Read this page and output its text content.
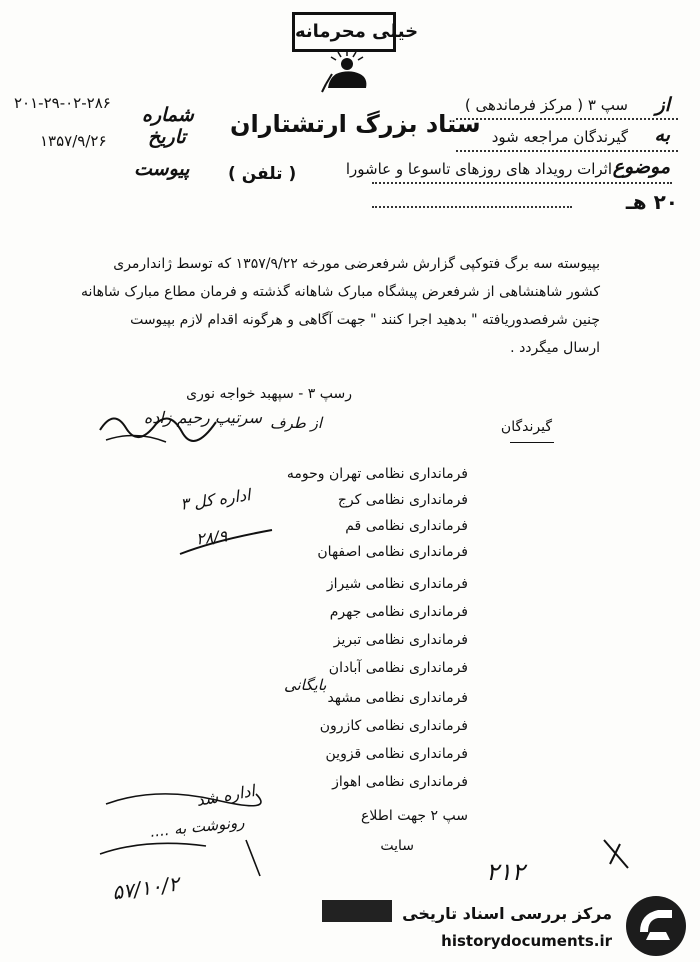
خیلی محرمانه
ستاد بزرگ ارتشتاران
۲۰۱-۲۹-۰۲-۲۸۶
شماره
۱۳۵۷/۹/۲۶ تاریخ
پیوست ( تلفن )
از
سپ ۳ ( مرکز فرماندهی )
به
گیرندگان مراجعه شود
موضوع
اثرات رویداد های روزهای تاسوعا و عاشورا
۲۰ هـ
بپیوسته سه برگ فتوکپی گزارش شرفعرضی مورخه ۱۳۵۷/۹/۲۲ که توسط ژاندارمری
کشور شاهنشاهی از شرفعرض پیشگاه مبارک شاهانه گذشته و فرمان مطاع مبارک شاهانه
چنین شرفصدوریافته " بدهید اجرا کنند " جهت آگاهی و هرگونه اقدام لازم بپیوست
ارسال میگردد .
رسپ ۳ - سپهبد خواجه نوری
از طرف
سرتیپ رحیم زاده	گیرندگان
فرمانداری نظامی تهران وحومه
فرمانداری نظامی کرج
فرمانداری نظامی قم
فرمانداری نظامی اصفهان
فرمانداری نظامی شیراز
فرمانداری نظامی جهرم
فرمانداری نظامی تبریز
فرمانداری نظامی آبادان
فرمانداری نظامی مشهد
فرمانداری نظامی کازرون
فرمانداری نظامی قزوین
فرمانداری نظامی اهواز
سپ ۲ جهت اطلاع
سایت
اداره کل ۳
۲۸/۹
بایگانی
اداره شد
رونوشت به ....
۵۷/۱۰/۲	۲۱۲
مرکز بررسی اسناد تاریخی
historydocuments.ir
